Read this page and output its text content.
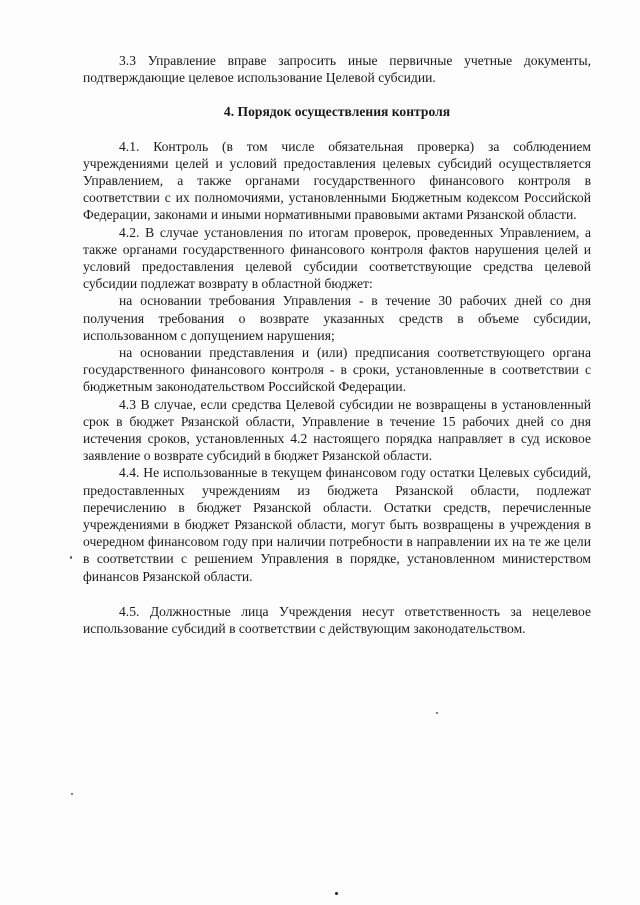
3.3 Управление вправе запросить иные первичные учетные документы, подтверждающие целевое использование Целевой субсидии.

4. Порядок осуществления контроля

4.1. Контроль (в том числе обязательная проверка) за соблюдением учреждениями целей и условий предоставления целевых субсидий осуществляется Управлением, а также органами государственного финансового контроля в соответствии с их полномочиями, установленными Бюджетным кодексом Российской Федерации, законами и иными нормативными правовыми актами Рязанской области.

4.2. В случае установления по итогам проверок, проведенных Управлением, а также органами государственного финансового контроля фактов нарушения целей и условий предоставления целевой субсидии соответствующие средства целевой субсидии подлежат возврату в областной бюджет:

на основании требования Управления - в течение 30 рабочих дней со дня получения требования о возврате указанных средств в объеме субсидии, использованном с допущением нарушения;

на основании представления и (или) предписания соответствующего органа государственного финансового контроля - в сроки, установленные в соответствии с бюджетным законодательством Российской Федерации.

4.3 В случае, если средства Целевой субсидии не возвращены в установленный срок в бюджет Рязанской области, Управление в течение 15 рабочих дней со дня истечения сроков, установленных 4.2 настоящего порядка направляет в суд исковое заявление о возврате субсидий в бюджет Рязанской области.

4.4. Не использованные в текущем финансовом году остатки Целевых субсидий, предоставленных учреждениям из бюджета Рязанской области, подлежат перечислению в бюджет Рязанской области. Остатки средств, перечисленные учреждениями в бюджет Рязанской области, могут быть возвращены в учреждения в очередном финансовом году при наличии потребности в направлении их на те же цели в соответствии с решением Управления в порядке, установленном министерством финансов Рязанской области.

4.5. Должностные лица Учреждения несут ответственность за нецелевое использование субсидий в соответствии с действующим законодательством.
